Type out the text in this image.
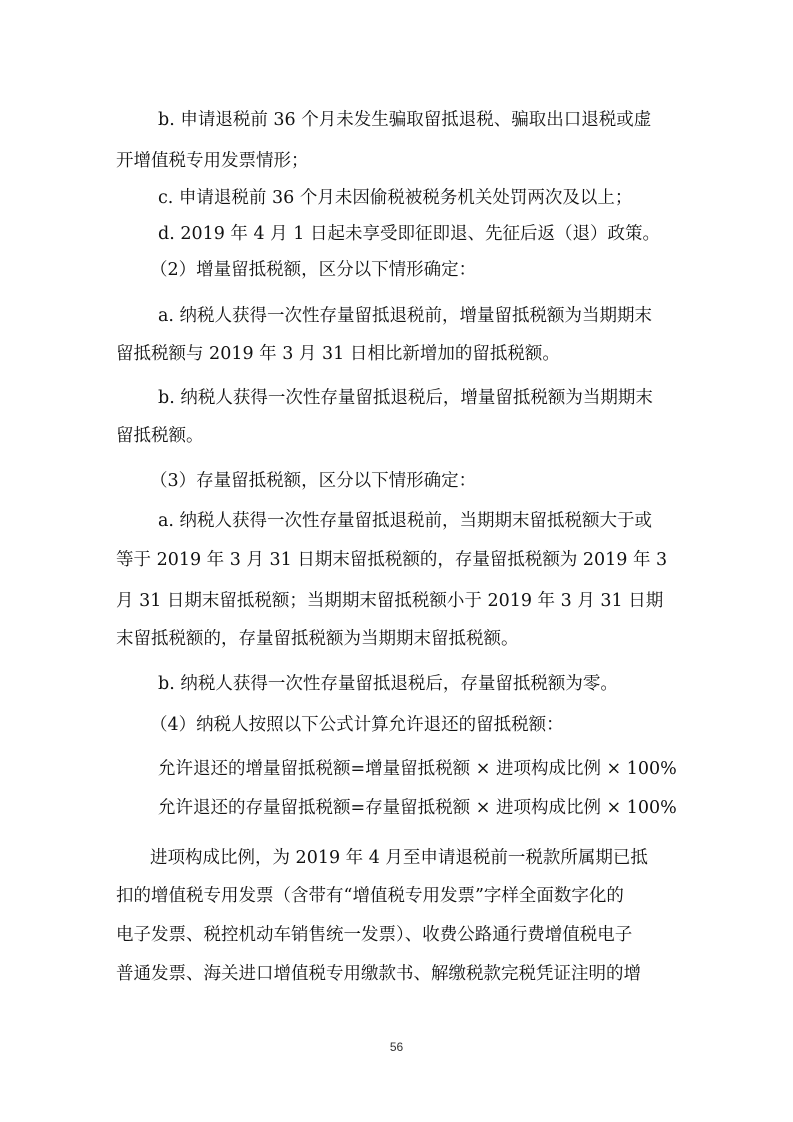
b. 申请退税前 36 个月未发生骗取留抵退税、骗取出口退税或虚
开增值税专用发票情形；
c. 申请退税前 36 个月未因偷税被税务机关处罚两次及以上；
d. 2019 年 4 月 1 日起未享受即征即退、先征后返（退）政策。
（2）增量留抵税额，区分以下情形确定：
a. 纳税人获得一次性存量留抵退税前，增量留抵税额为当期期末
留抵税额与 2019 年 3 月 31 日相比新增加的留抵税额。
b. 纳税人获得一次性存量留抵退税后，增量留抵税额为当期期末
留抵税额。
（3）存量留抵税额，区分以下情形确定：
a. 纳税人获得一次性存量留抵退税前，当期期末留抵税额大于或
等于 2019 年 3 月 31 日期末留抵税额的，存量留抵税额为 2019 年 3
月 31 日期末留抵税额；当期期末留抵税额小于 2019 年 3 月 31 日期
末留抵税额的，存量留抵税额为当期期末留抵税额。
b. 纳税人获得一次性存量留抵退税后，存量留抵税额为零。
（4）纳税人按照以下公式计算允许退还的留抵税额：
允许退还的增量留抵税额=增量留抵税额 × 进项构成比例 × 100%
允许退还的存量留抵税额=存量留抵税额 × 进项构成比例 × 100%
进项构成比例，为 2019 年 4 月至申请退税前一税款所属期已抵
扣的增值税专用发票（含带有“增值税专用发票”字样全面数字化的
电子发票、税控机动车销售统一发票）、收费公路通行费增值税电子
普通发票、海关进口增值税专用缴款书、解缴税款完税凭证注明的增
56
